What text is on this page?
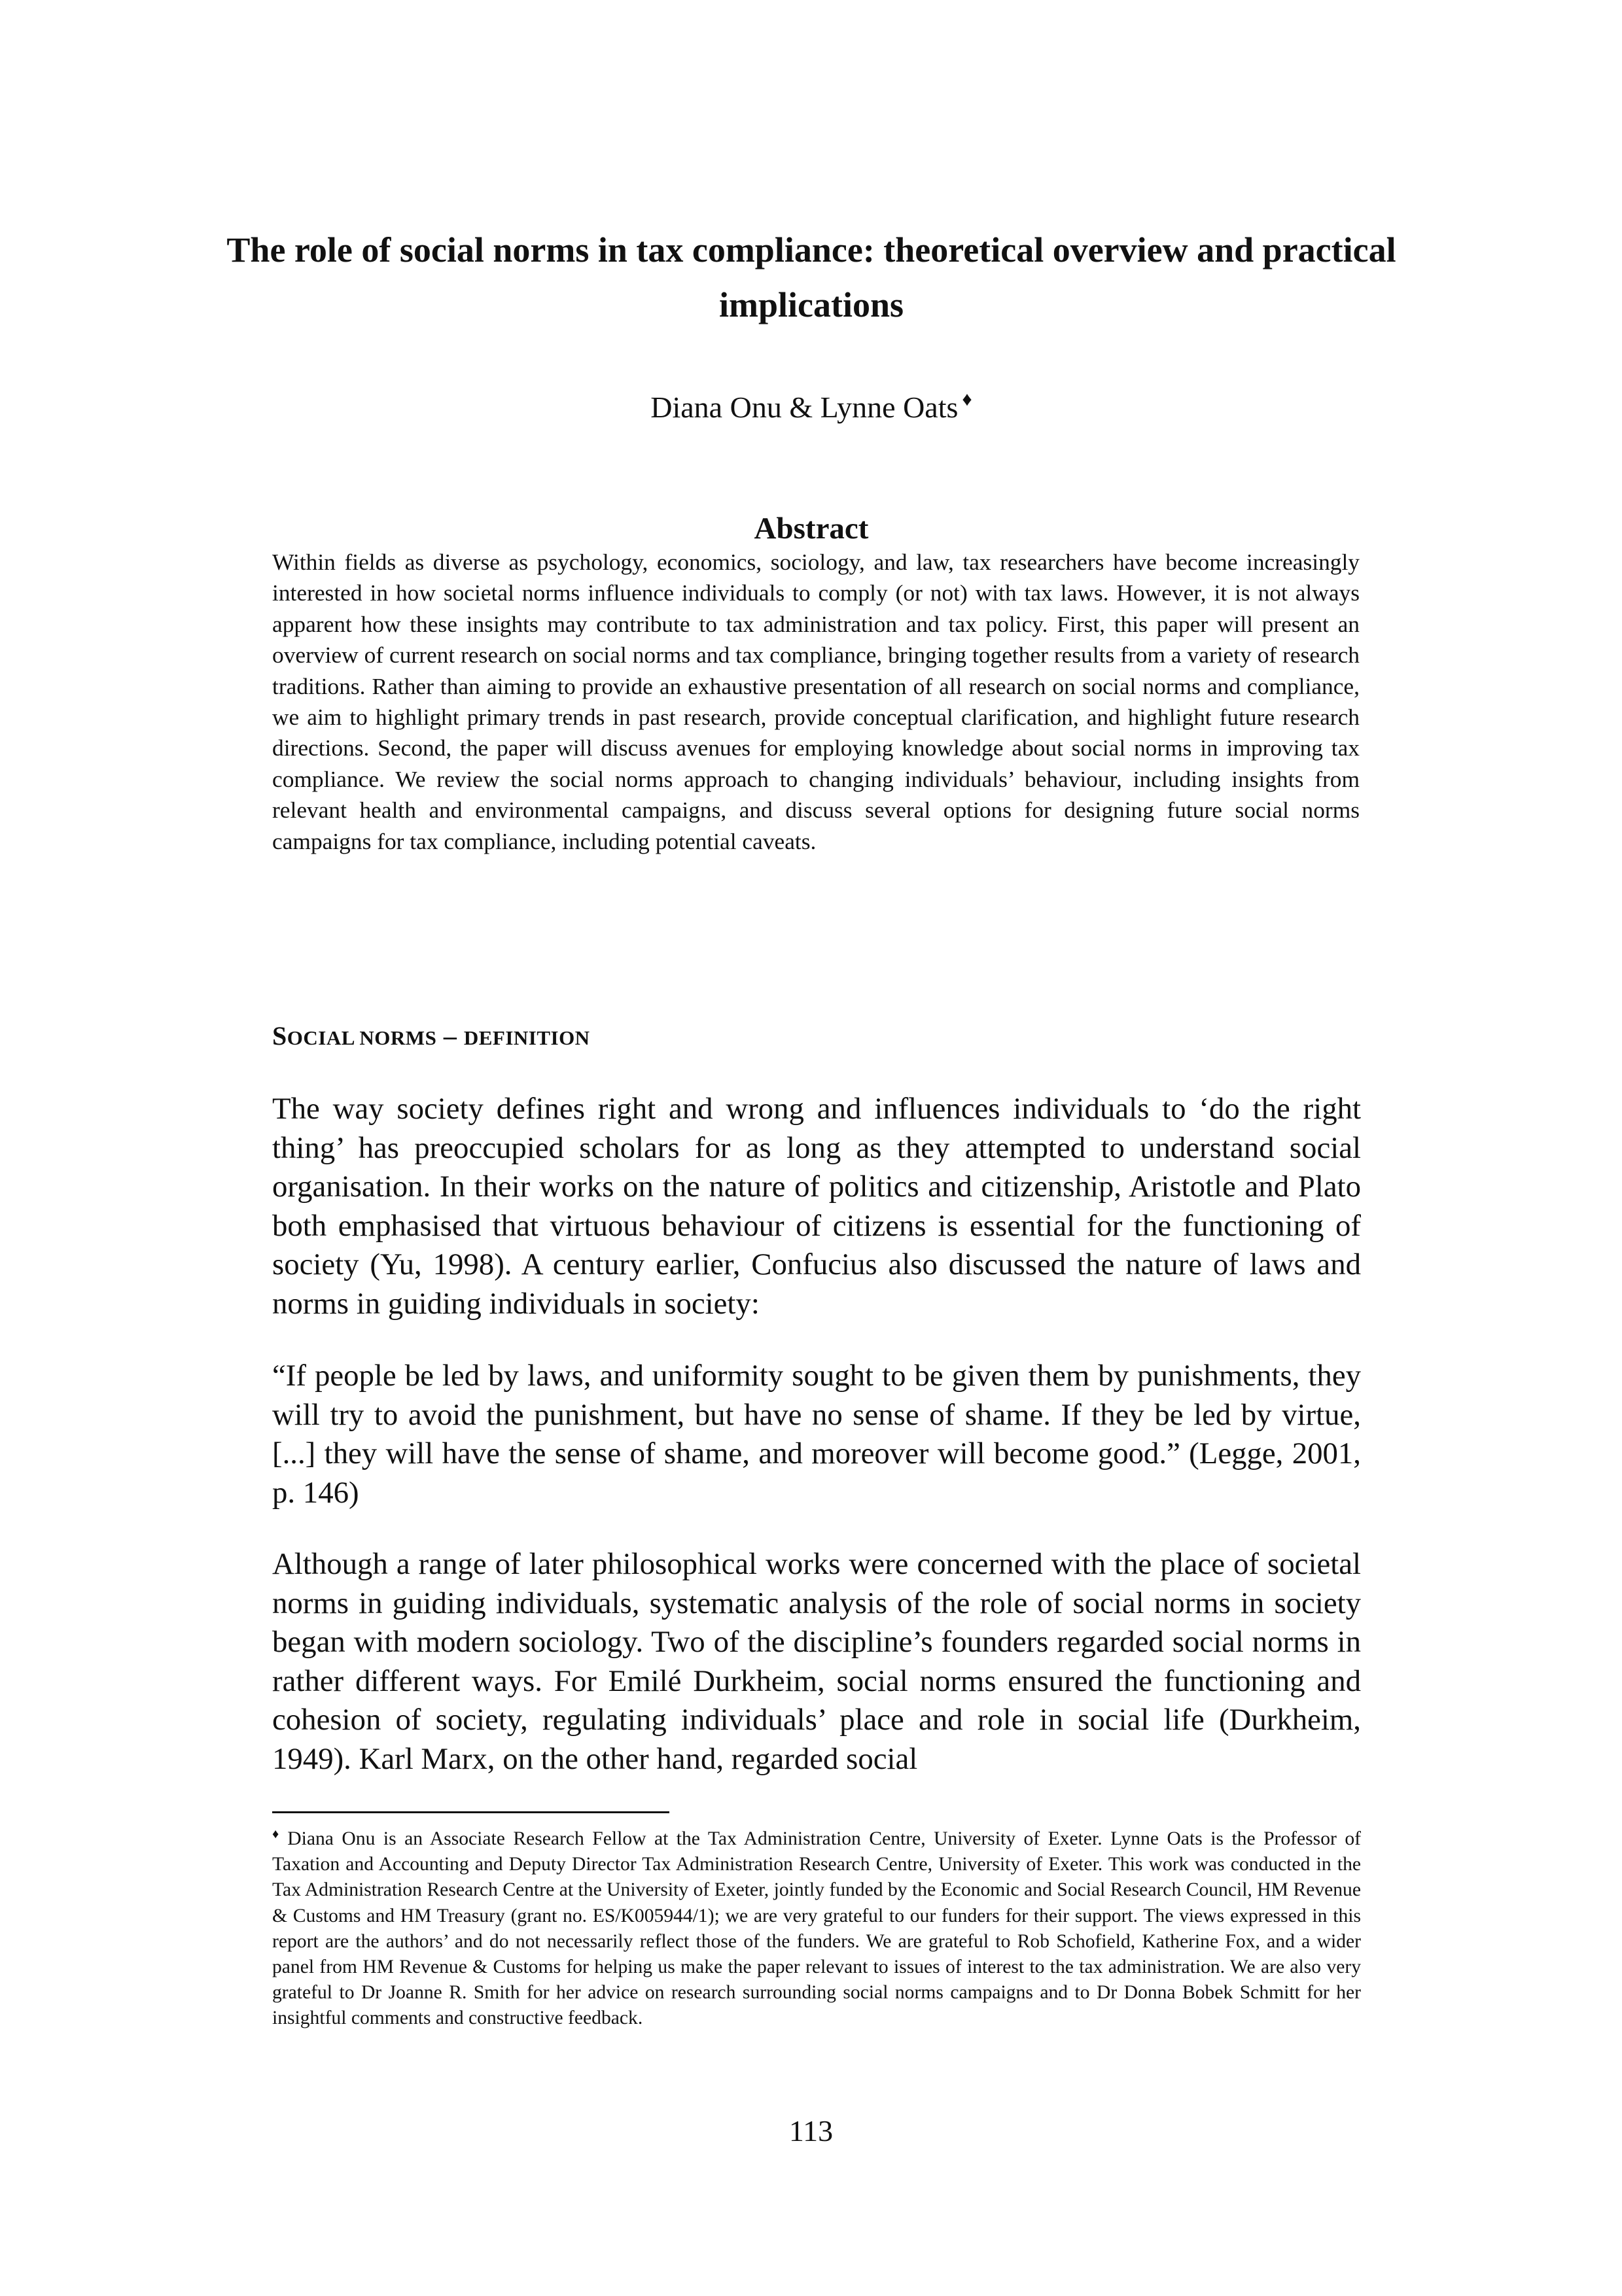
The role of social norms in tax compliance: theoretical overview and practical implications
Diana Onu & Lynne Oats ♦
Abstract

Within fields as diverse as psychology, economics, sociology, and law, tax researchers have become increasingly interested in how societal norms influence individuals to comply (or not) with tax laws. However, it is not always apparent how these insights may contribute to tax administration and tax policy. First, this paper will present an overview of current research on social norms and tax compliance, bringing together results from a variety of research traditions. Rather than aiming to provide an exhaustive presentation of all research on social norms and compliance, we aim to highlight primary trends in past research, provide conceptual clarification, and highlight future research directions. Second, the paper will discuss avenues for employing knowledge about social norms in improving tax compliance. We review the social norms approach to changing individuals’ behaviour, including insights from relevant health and environmental campaigns, and discuss several options for designing future social norms campaigns for tax compliance, including potential caveats.

SOCIAL NORMS – DEFINITION

The way society defines right and wrong and influences individuals to ‘do the right thing’ has preoccupied scholars for as long as they attempted to understand social organisation. In their works on the nature of politics and citizenship, Aristotle and Plato both emphasised that virtuous behaviour of citizens is essential for the functioning of society (Yu, 1998). A century earlier, Confucius also discussed the nature of laws and norms in guiding individuals in society:

“If people be led by laws, and uniformity sought to be given them by punishments, they will try to avoid the punishment, but have no sense of shame. If they be led by virtue, [...] they will have the sense of shame, and moreover will become good.” (Legge, 2001, p. 146)

Although a range of later philosophical works were concerned with the place of societal norms in guiding individuals, systematic analysis of the role of social norms in society began with modern sociology. Two of the discipline’s founders regarded social norms in rather different ways. For Emilé Durkheim, social norms ensured the functioning and cohesion of society, regulating individuals’ place and role in social life (Durkheim, 1949). Karl Marx, on the other hand, regarded social

♦ Diana Onu is an Associate Research Fellow at the Tax Administration Centre, University of Exeter. Lynne Oats is the Professor of Taxation and Accounting and Deputy Director Tax Administration Research Centre, University of Exeter. This work was conducted in the Tax Administration Research Centre at the University of Exeter, jointly funded by the Economic and Social Research Council, HM Revenue & Customs and HM Treasury (grant no. ES/K005944/1); we are very grateful to our funders for their support. The views expressed in this report are the authors’ and do not necessarily reflect those of the funders. We are grateful to Rob Schofield, Katherine Fox, and a wider panel from HM Revenue & Customs for helping us make the paper relevant to issues of interest to the tax administration. We are also very grateful to Dr Joanne R. Smith for her advice on research surrounding social norms campaigns and to Dr Donna Bobek Schmitt for her insightful comments and constructive feedback.

113
